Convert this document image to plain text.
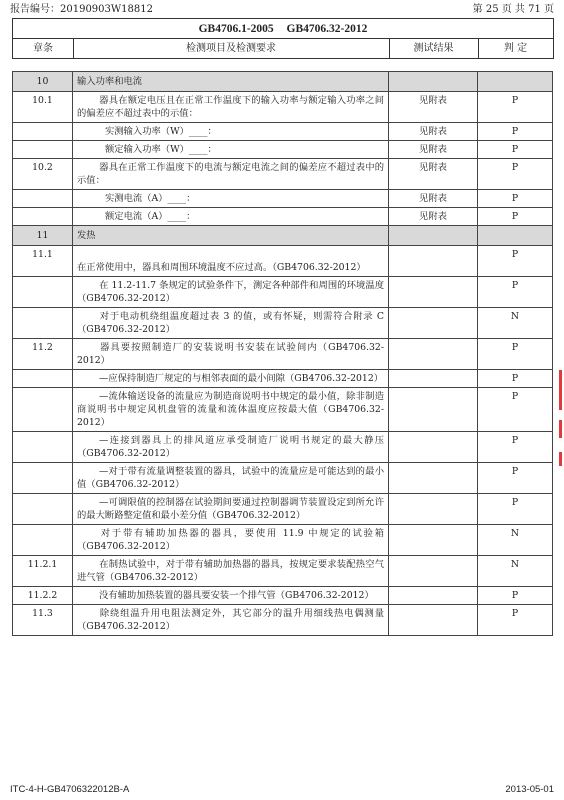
报告编号：20190903W18812	第 25 页 共 71 页
GB4706.1-2005 GB4706.32-2012
章条	检测项目及检测要求	测试结果	判 定
10	输入功率和电流		
10.1	器具在额定电压且在正常工作温度下的输入功率与额定输入功率之间的偏差应不超过表中的示值：	见附表	P
	实测输入功率（W）____：	见附表	P
	额定输入功率（W）____：	见附表	P
10.2	器具在正常工作温度下的电流与额定电流之间的偏差应不超过表中的示值：	见附表	P
	实测电流（A）____：	见附表	P
	额定电流（A）____：	见附表	P
11	发热		
11.1	在正常使用中，器具和周围环境温度不应过高。（GB4706.32-2012）		P
	在 11.2-11.7 条规定的试验条件下，测定各种部件和周围的环境温度（GB4706.32-2012）		P
	对于电动机绕组温度超过表 3 的值，或有怀疑，则需符合附录 C（GB4706.32-2012）		N
11.2	器具要按照制造厂的安装说明书安装在试验间内（GB4706.32-2012）		P
	—应保持制造厂规定的与相邻表面的最小间隙（GB4706.32-2012）		P
	—流体输送设备的流量应为制造商说明书中规定的最小值，除非制造商说明书中规定风机盘管的流量和流体温度应按最大值（GB4706.32-2012）		P
	—连接到器具上的排风道应承受制造厂说明书规定的最大静压（GB4706.32-2012）		P
	—对于带有流量调整装置的器具，试验中的流量应是可能达到的最小值（GB4706.32-2012）		P
	—可调限值的控制器在试验期间要通过控制器调节装置设定到所允许的最大断路整定值和最小差分值（GB4706.32-2012）		P
	对于带有辅助加热器的器具，要使用 11.9 中规定的试验箱（GB4706.32-2012）		N
11.2.1	在制热试验中，对于带有辅助加热器的器具，按规定要求装配热空气进气管（GB4706.32-2012）		N
11.2.2	没有辅助加热装置的器具要安装一个排气管（GB4706.32-2012）		P
11.3	除绕组温升用电阻法测定外，其它部分的温升用细线热电偶测量（GB4706.32-2012）		P
ITC-4-H-GB4706322012B-A	2013-05-01
